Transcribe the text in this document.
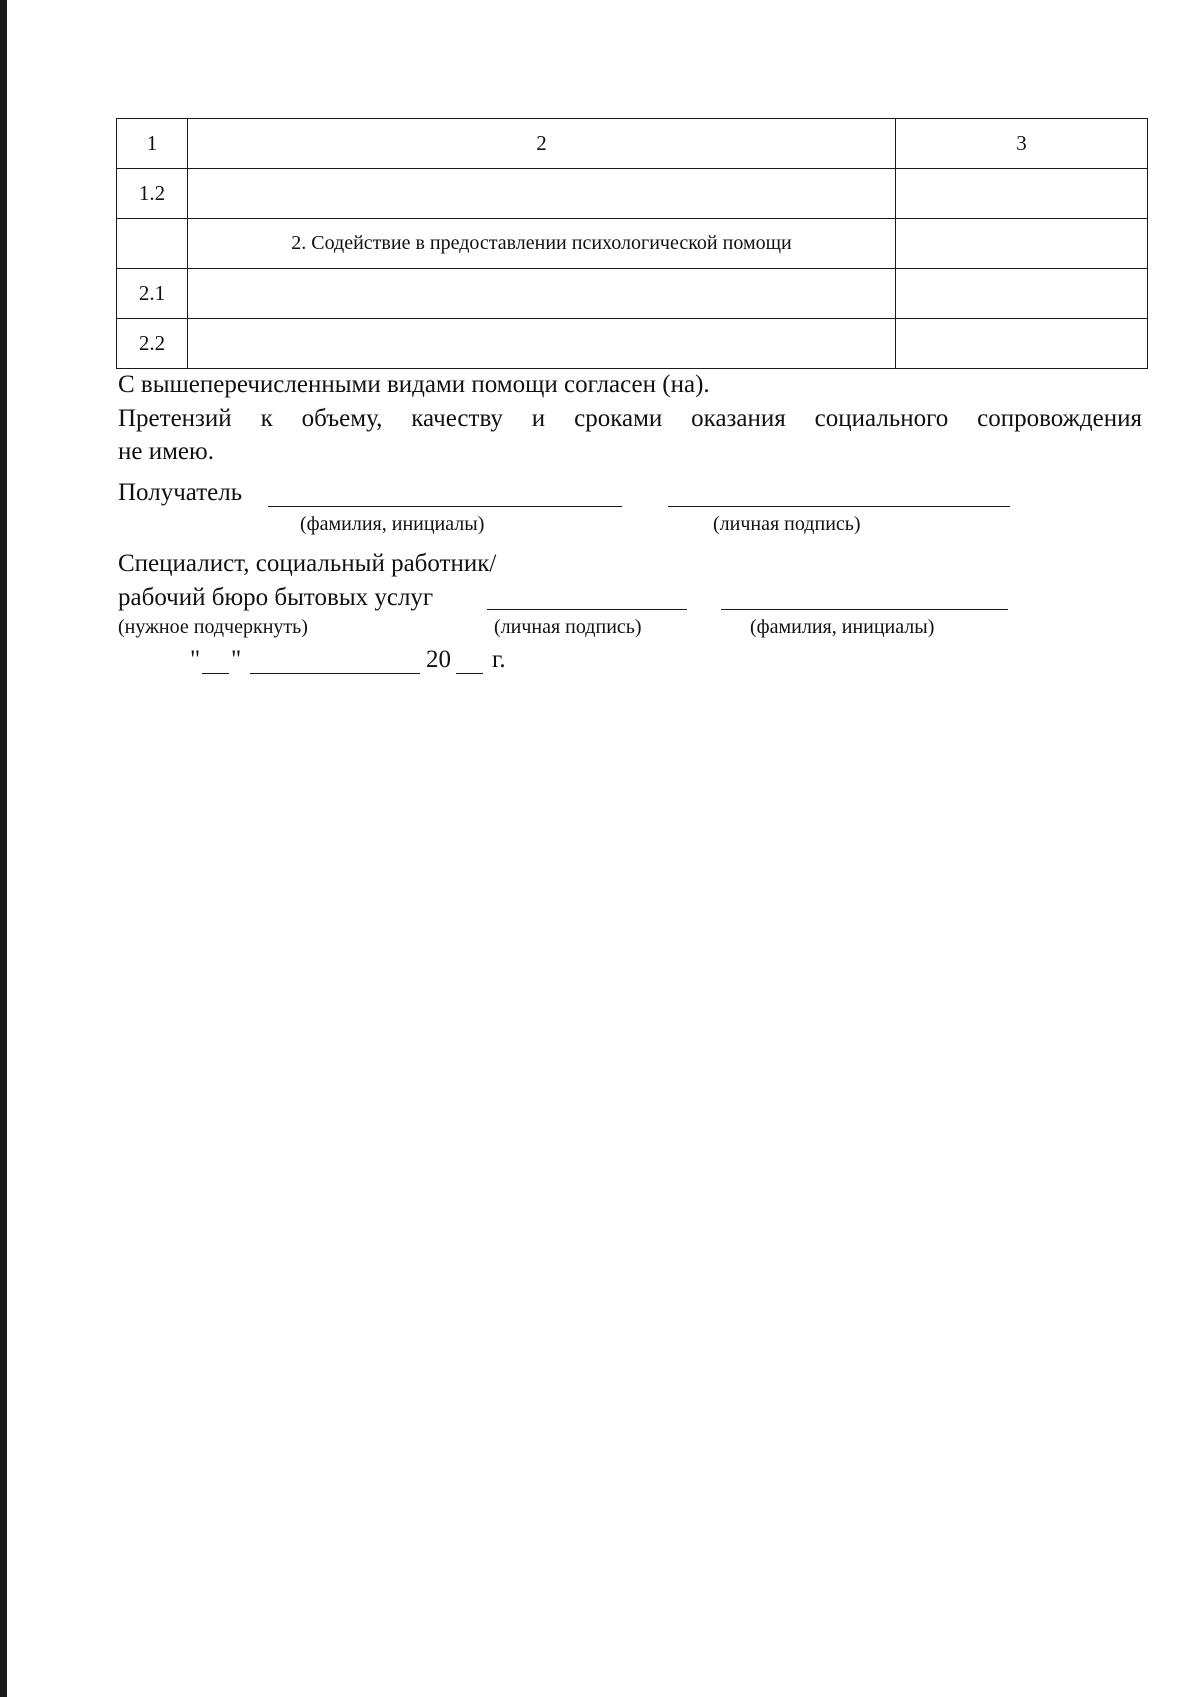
1	2	3
1.2		
	2. Содействие в предоставлении психологической помощи	
2.1		
2.2		
С вышеперечисленными видами помощи согласен (на).
Претензий к объему, качеству и сроками оказания социального сопровождения
не имею.
Получатель
(фамилия, инициалы)	(личная подпись)
Специалист, социальный работник/
рабочий бюро бытовых услуг
(нужное подчеркнуть)	(личная подпись)	(фамилия, инициалы)
" "	20 г.
